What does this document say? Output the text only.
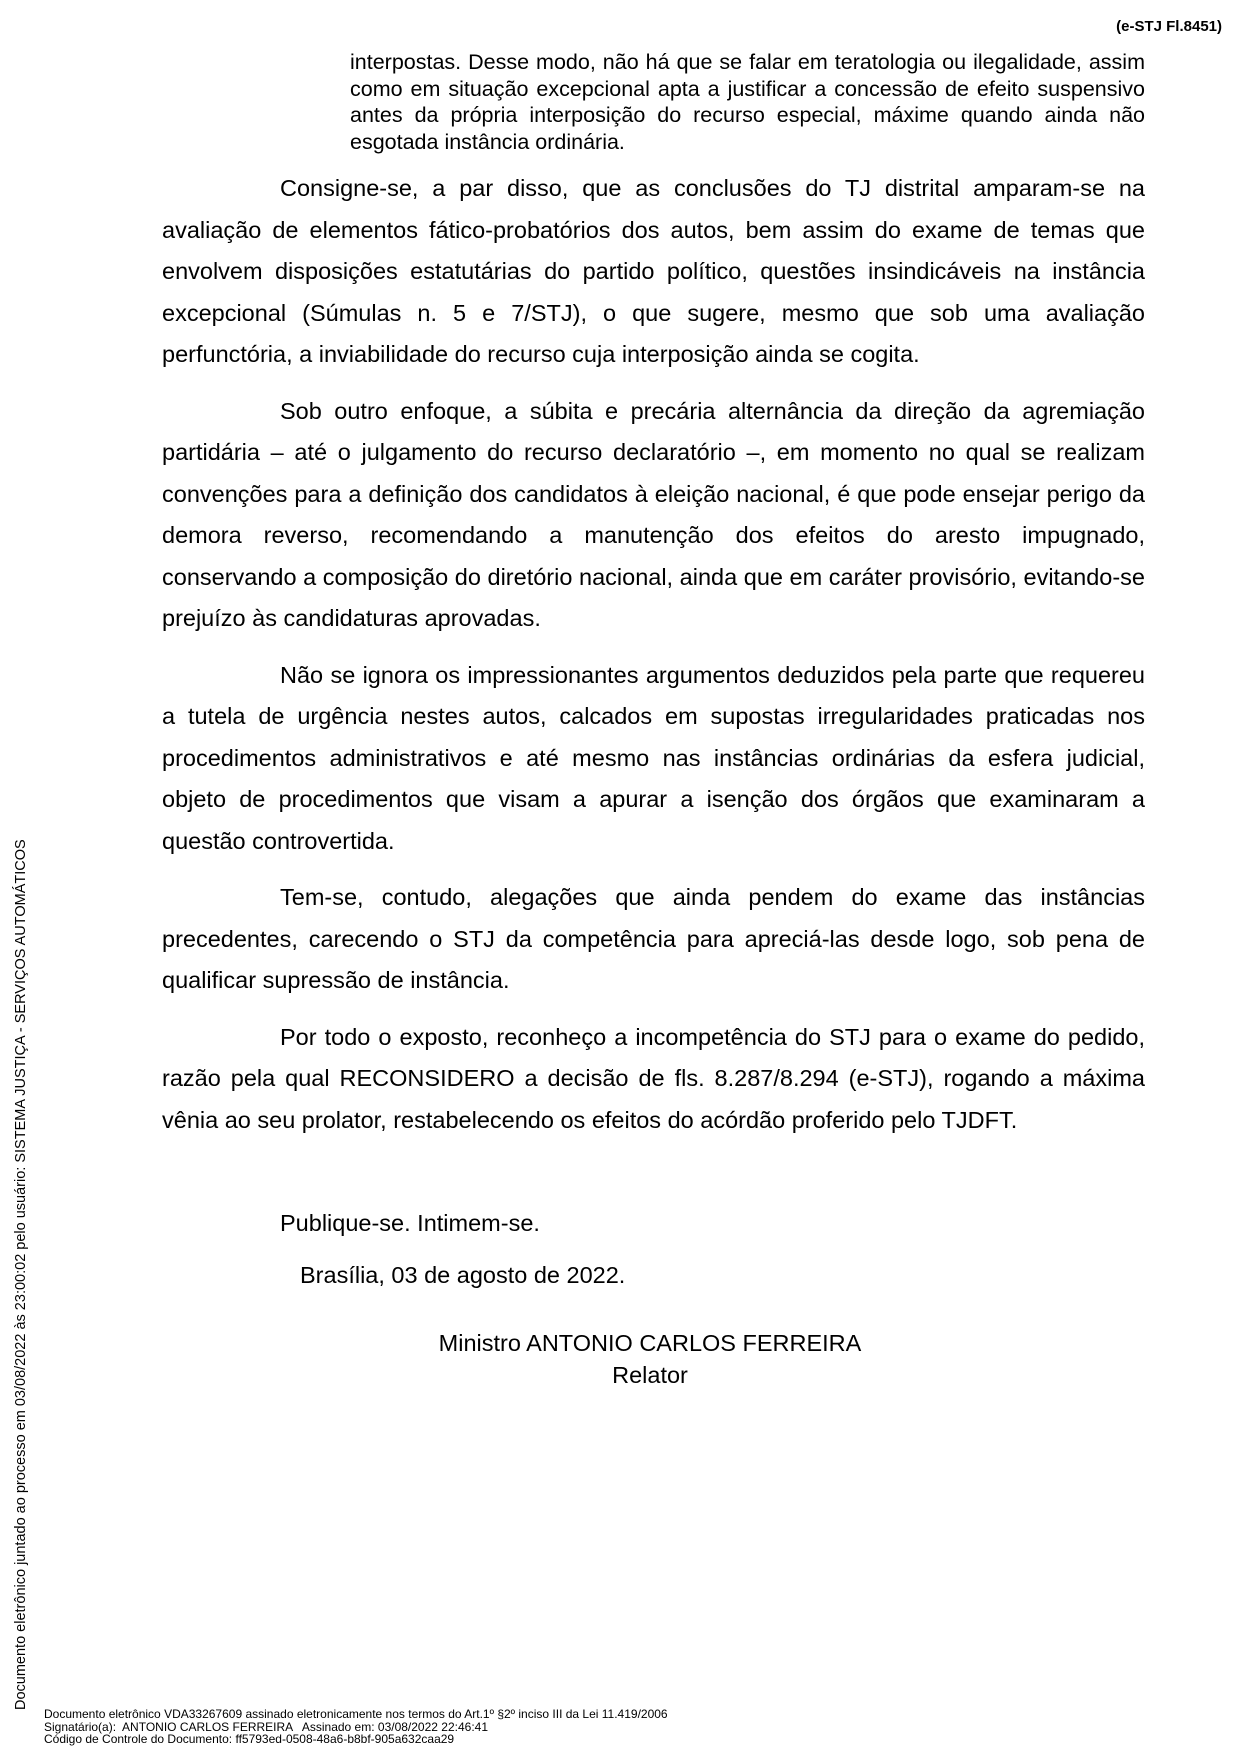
(e-STJ Fl.8451)
interpostas. Desse modo, não há que se falar em teratologia ou ilegalidade, assim como em situação excepcional apta a justificar a concessão de efeito suspensivo antes da própria interposição do recurso especial, máxime quando ainda não esgotada instância ordinária.

Consigne-se, a par disso, que as conclusões do TJ distrital amparam-se na avaliação de elementos fático-probatórios dos autos, bem assim do exame de temas que envolvem disposições estatutárias do partido político, questões insindicáveis na instância excepcional (Súmulas n. 5 e 7/STJ), o que sugere, mesmo que sob uma avaliação perfunctória, a inviabilidade do recurso cuja interposição ainda se cogita.

Sob outro enfoque, a súbita e precária alternância da direção da agremiação partidária – até o julgamento do recurso declaratório –, em momento no qual se realizam convenções para a definição dos candidatos à eleição nacional, é que pode ensejar perigo da demora reverso, recomendando a manutenção dos efeitos do aresto impugnado, conservando a composição do diretório nacional, ainda que em caráter provisório, evitando-se prejuízo às candidaturas aprovadas.

Não se ignora os impressionantes argumentos deduzidos pela parte que requereu a tutela de urgência nestes autos, calcados em supostas irregularidades praticadas nos procedimentos administrativos e até mesmo nas instâncias ordinárias da esfera judicial, objeto de procedimentos que visam a apurar a isenção dos órgãos que examinaram a questão controvertida.

Tem-se, contudo, alegações que ainda pendem do exame das instâncias precedentes, carecendo o STJ da competência para apreciá-las desde logo, sob pena de qualificar supressão de instância.

Por todo o exposto, reconheço a incompetência do STJ para o exame do pedido, razão pela qual RECONSIDERO a decisão de fls. 8.287/8.294 (e-STJ), rogando a máxima vênia ao seu prolator, restabelecendo os efeitos do acórdão proferido pelo TJDFT.

Publique-se. Intimem-se.
Brasília, 03 de agosto de 2022.
Ministro ANTONIO CARLOS FERREIRA
Relator
Documento eletrônico juntado ao processo em 03/08/2022 às 23:00:02 pelo usuário: SISTEMA JUSTIÇA - SERVIÇOS AUTOMÁTICOS
Documento eletrônico VDA33267609 assinado eletronicamente nos termos do Art.1º §2º inciso III da Lei 11.419/2006
Signatário(a):  ANTONIO CARLOS FERREIRA   Assinado em: 03/08/2022 22:46:41
Código de Controle do Documento: ff5793ed-0508-48a6-b8bf-905a632caa29
